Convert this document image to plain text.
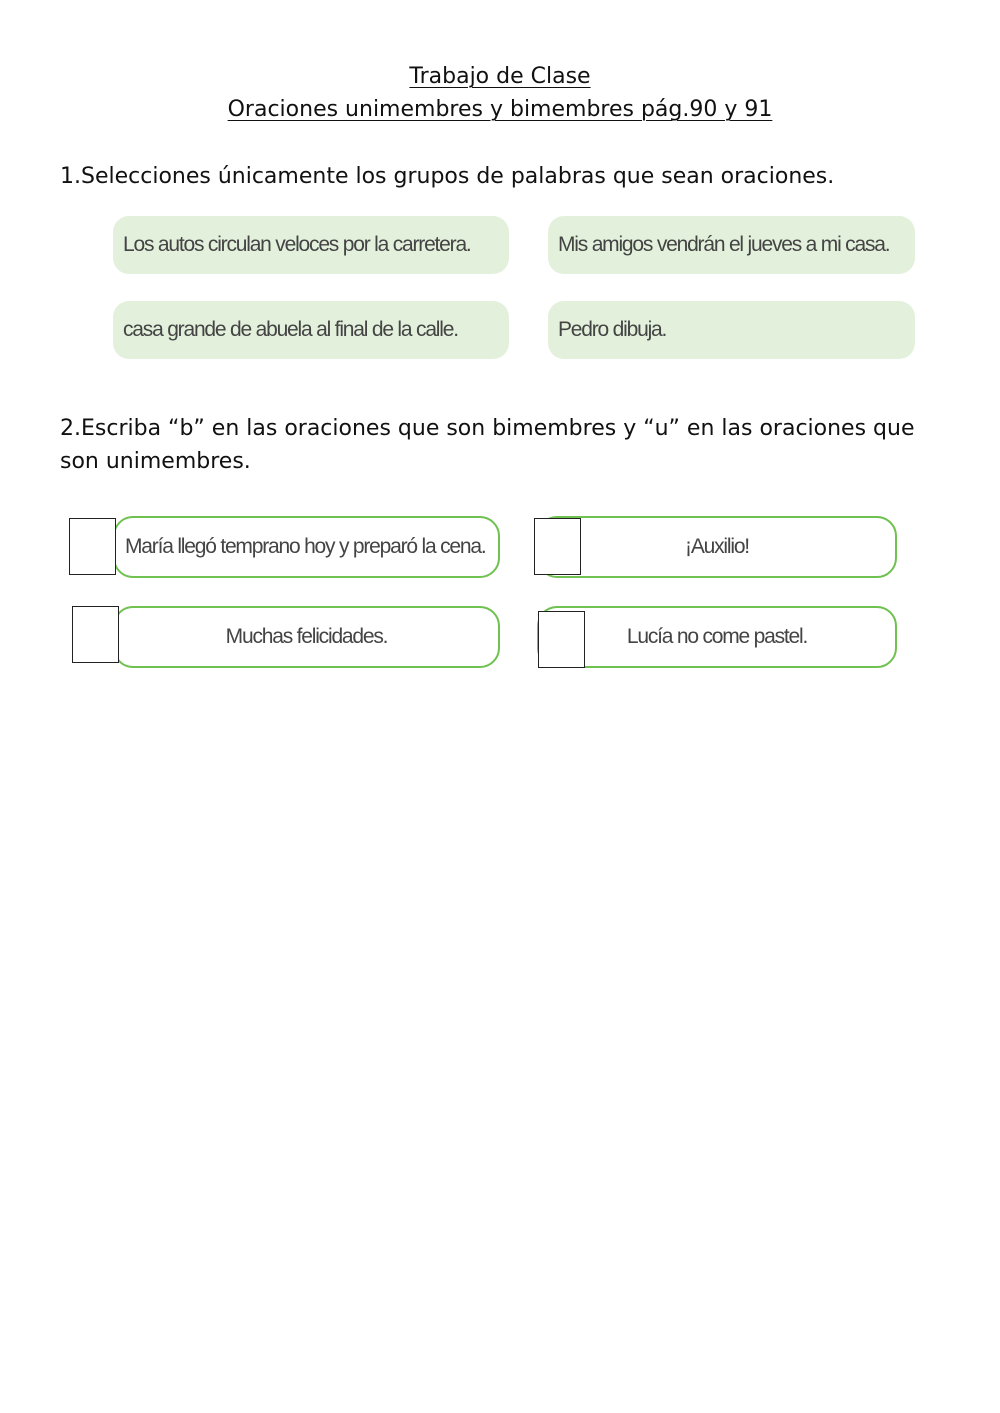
Trabajo de Clase
Oraciones unimembres y bimembres pág.90 y 91
1.Selecciones únicamente los grupos de palabras que sean oraciones.
Los autos circulan veloces por la carretera.	Mis amigos vendrán el jueves a mi casa.
casa grande de abuela al final de la calle.	Pedro dibuja.
2.Escriba “b” en las oraciones que son bimembres y “u” en las oraciones que son unimembres.
María llegó temprano hoy y preparó la cena.	¡Auxilio!
Muchas felicidades.	Lucía no come pastel.
